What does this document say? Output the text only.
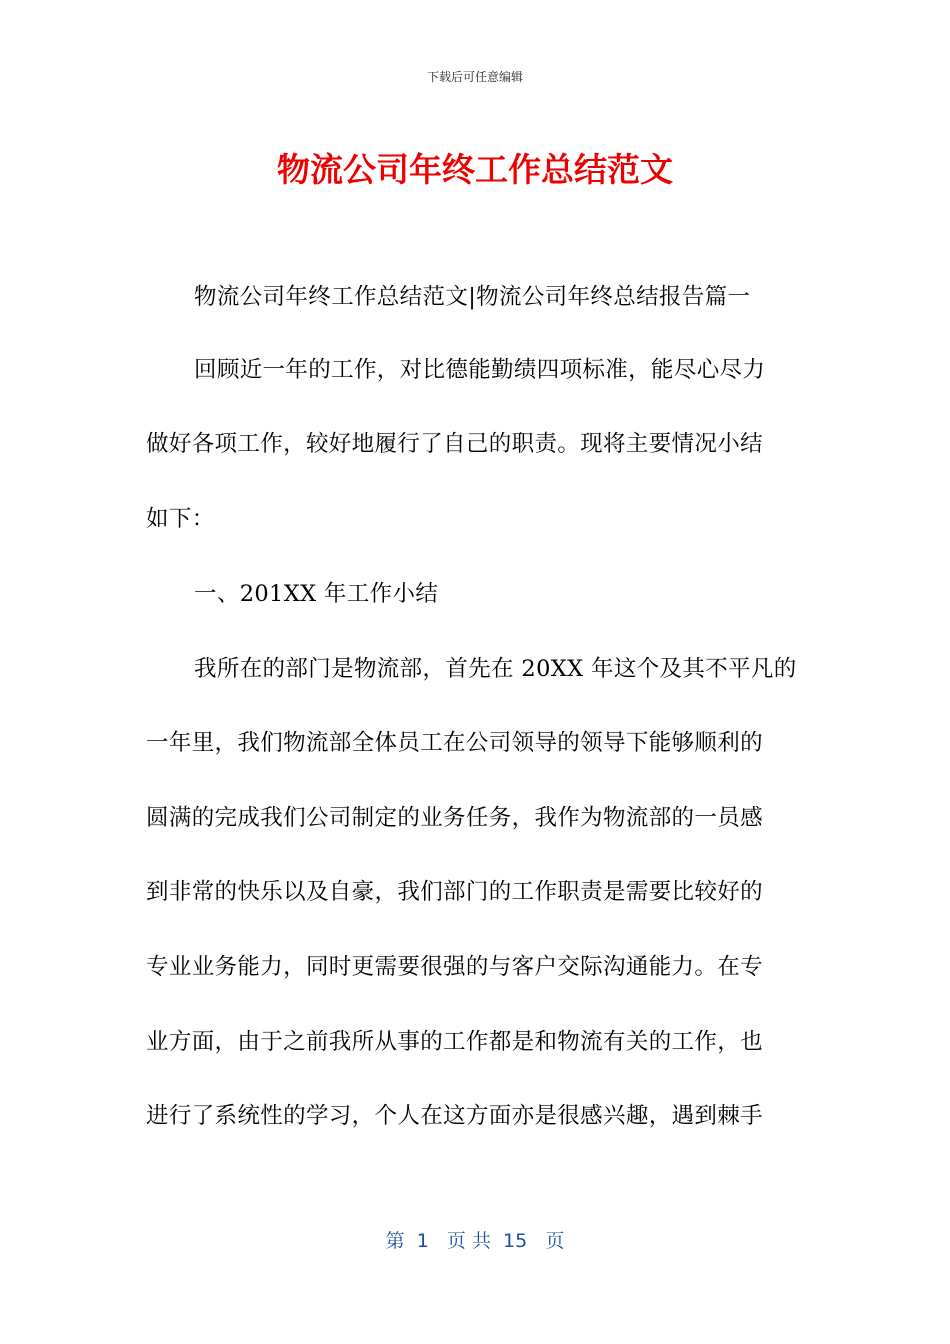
下载后可任意编辑
物流公司年终工作总结范文
物流公司年终工作总结范文|物流公司年终总结报告篇一
回顾近一年的工作，对比德能勤绩四项标准，能尽心尽力
做好各项工作，较好地履行了自己的职责。现将主要情况小结
如下：
一、201XX 年工作小结
我所在的部门是物流部，首先在 20XX 年这个及其不平凡的
一年里，我们物流部全体员工在公司领导的领导下能够顺利的
圆满的完成我们公司制定的业务任务，我作为物流部的一员感
到非常的快乐以及自豪，我们部门的工作职责是需要比较好的
专业业务能力，同时更需要很强的与客户交际沟通能力。在专
业方面，由于之前我所从事的工作都是和物流有关的工作，也
进行了系统性的学习，个人在这方面亦是很感兴趣，遇到棘手
第  1   页 共  15   页
